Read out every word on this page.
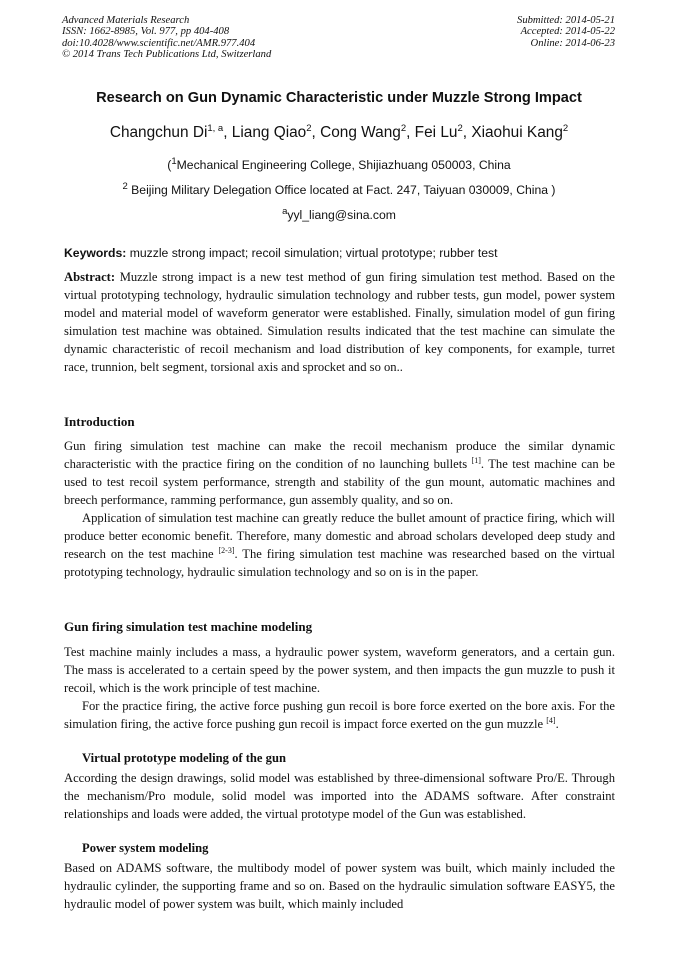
Advanced Materials Research
ISSN: 1662-8985, Vol. 977, pp 404-408
doi:10.4028/www.scientific.net/AMR.977.404
© 2014 Trans Tech Publications Ltd, Switzerland
Submitted: 2014-05-21
Accepted: 2014-05-22
Online: 2014-06-23
Research on Gun Dynamic Characteristic under Muzzle Strong Impact
Changchun Di$^{1, a}$, Liang Qiao$^2$, Cong Wang$^2$, Fei Lu$^2$, Xiaohui Kang$^2$
($^1$Mechanical Engineering College, Shijiazhuang 050003, China
$^2$ Beijing Military Delegation Office located at Fact. 247, Taiyuan 030009, China )
$^a$yyl_liang@sina.com
Keywords: muzzle strong impact; recoil simulation; virtual prototype; rubber test

Abstract: Muzzle strong impact is a new test method of gun firing simulation test method. Based on the virtual prototyping technology, hydraulic simulation technology and rubber tests, gun model, power system model and material model of waveform generator were established. Finally, simulation model of gun firing simulation test machine was obtained. Simulation results indicated that the test machine can simulate the dynamic characteristic of recoil mechanism and load distribution of key components, for example, turret race, trunnion, belt segment, torsional axis and sprocket and so on..

Introduction

Gun firing simulation test machine can make the recoil mechanism produce the similar dynamic characteristic with the practice firing on the condition of no launching bullets [1]. The test machine can be used to test recoil system performance, strength and stability of the gun mount, automatic machines and breech performance, ramming performance, gun assembly quality, and so on.

Application of simulation test machine can greatly reduce the bullet amount of practice firing, which will produce better economic benefit. Therefore, many domestic and abroad scholars developed deep study and research on the test machine [2-3]. The firing simulation test machine was researched based on the virtual prototyping technology, hydraulic simulation technology and so on is in the paper.

Gun firing simulation test machine modeling

Test machine mainly includes a mass, a hydraulic power system, waveform generators, and a certain gun. The mass is accelerated to a certain speed by the power system, and then impacts the gun muzzle to push it recoil, which is the work principle of test machine.

For the practice firing, the active force pushing gun recoil is bore force exerted on the bore axis. For the simulation firing, the active force pushing gun recoil is impact force exerted on the gun muzzle [4].

Virtual prototype modeling of the gun
According the design drawings, solid model was established by three-dimensional software Pro/E. Through the mechanism/Pro module, solid model was imported into the ADAMS software. After constraint relationships and loads were added, the virtual prototype model of the Gun was established.
Power system modeling
Based on ADAMS software, the multibody model of power system was built, which mainly included the hydraulic cylinder, the supporting frame and so on. Based on the hydraulic simulation software EASY5, the hydraulic model of power system was built, which mainly included
